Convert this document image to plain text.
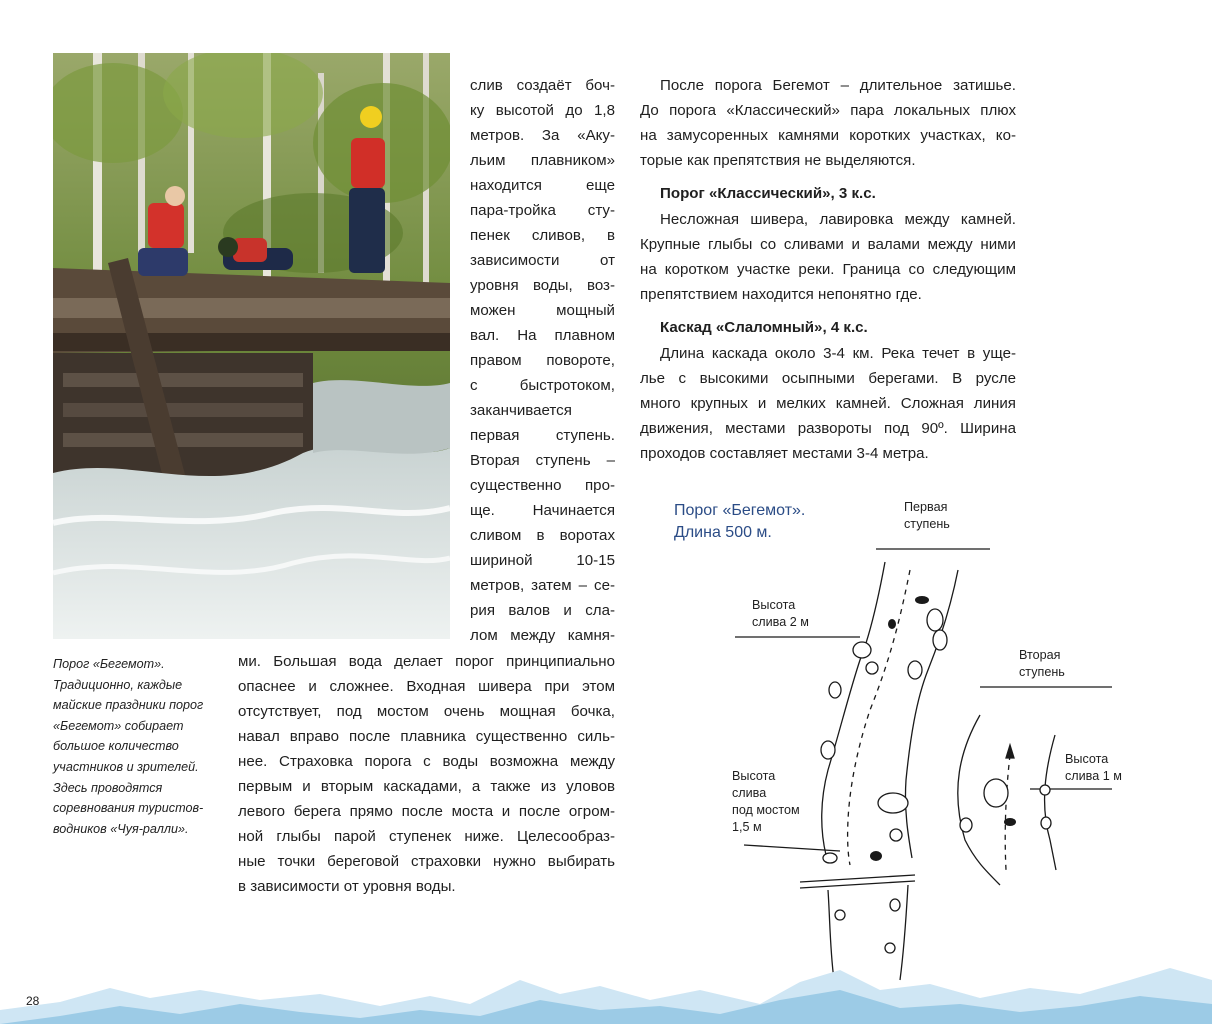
Порог «Бегемот».
Традиционно, каждые
майские праздники порог
«Бегемот» собирает
большое количество
участников и зрителей.
Здесь проводятся
соревнования туристов-
водников «Чуя-ралли».
слив создаёт боч-
ку высотой до 1,8
метров. За «Аку-
льим плавником»
находится еще
пара-тройка сту-
пенек сливов, в
зависимости от
уровня воды, воз-
можен мощный
вал. На плавном
правом повороте,
с быстротоком,
заканчивается
первая ступень.
Вторая ступень –
существенно про-
ще. Начинается
сливом в воротах
шириной 10-15
метров, затем – се-
рия валов и сла-
лом между камня-
ми. Большая вода делает порог принципиально
опаснее и сложнее. Входная шивера при этом
отсутствует, под мостом очень мощная бочка,
навал вправо после плавника существенно силь-
нее. Страховка порога с воды возможна между
первым и вторым каскадами, а также из уловов
левого берега прямо после моста и после огром-
ной глыбы парой ступенек ниже. Целесообраз-
ные точки береговой страховки нужно выбирать
в зависимости от уровня воды.
После порога Бегемот – длительное затишье.
До порога «Классический» пара локальных плюх
на замусоренных камнями коротких участках, ко-
торые как препятствия не выделяются.
Порог «Классический», 3 к.с.
Несложная шивера, лавировка между камней.
Крупные глыбы со сливами и валами между ними
на коротком участке реки. Граница со следующим
препятствием находится непонятно где.
Каскад «Слаломный», 4 к.с.
Длина каскада около 3-4 км. Река течет в уще-
лье с высокими осыпными берегами. В русле
много крупных и мелких камней. Сложная линия
движения, местами развороты под 90º. Ширина
проходов составляет местами 3-4 метра.
Порог «Бегемот».
Длина 500 м.
Первая
ступень
Высота
слива 2 м
Вторая
ступень
Высота
слива 1 м
Высота
слива
под мостом
1,5 м
28
